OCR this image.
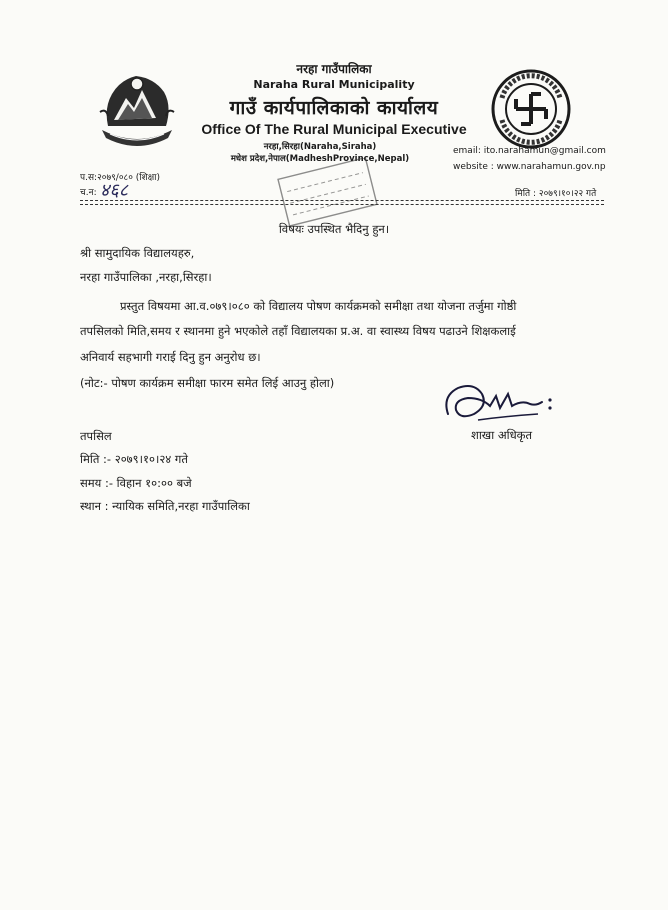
नरहा गाउँपालिका
Naraha Rural Municipality
गाउँ कार्यपालिकाको कार्यालय
Office Of The Rural Municipal Executive
नरहा,सिरहा(Naraha,Siraha)
मधेश प्रदेश,नेपाल(MadheshProvince,Nepal)
email: ito.narahamun@gmail.com
website : www.narahamun.gov.np
प.स:२०७९/०८० (शिक्षा)
च.न: ४६८	मिति : २०७९।१०।२२ गते
विषयः उपस्थित भैदिनु हुन।
श्री सामुदायिक विद्यालयहरु,
नरहा गाउँपालिका ,नरहा,सिरहा।
प्रस्तुत विषयमा आ.व.०७९।०८० को विद्यालय पोषण कार्यक्रमको समीक्षा तथा योजना तर्जुमा गोष्ठी
तपसिलको मिति,समय र स्थानमा हुने भएकोले तहाँ विद्यालयका प्र.अ. वा स्वास्थ्य विषय पढाउने शिक्षकलाई
अनिवार्य सहभागी गराई दिनु हुन अनुरोध छ।
(नोट:- पोषण कार्यक्रम समीक्षा फारम समेत लिई आउनु होला)
शाखा अधिकृत
तपसिल
मिति :- २०७९।१०।२४ गते
समय :- विहान १०:०० बजे
स्थान : न्यायिक समिति,नरहा गाउँपालिका
